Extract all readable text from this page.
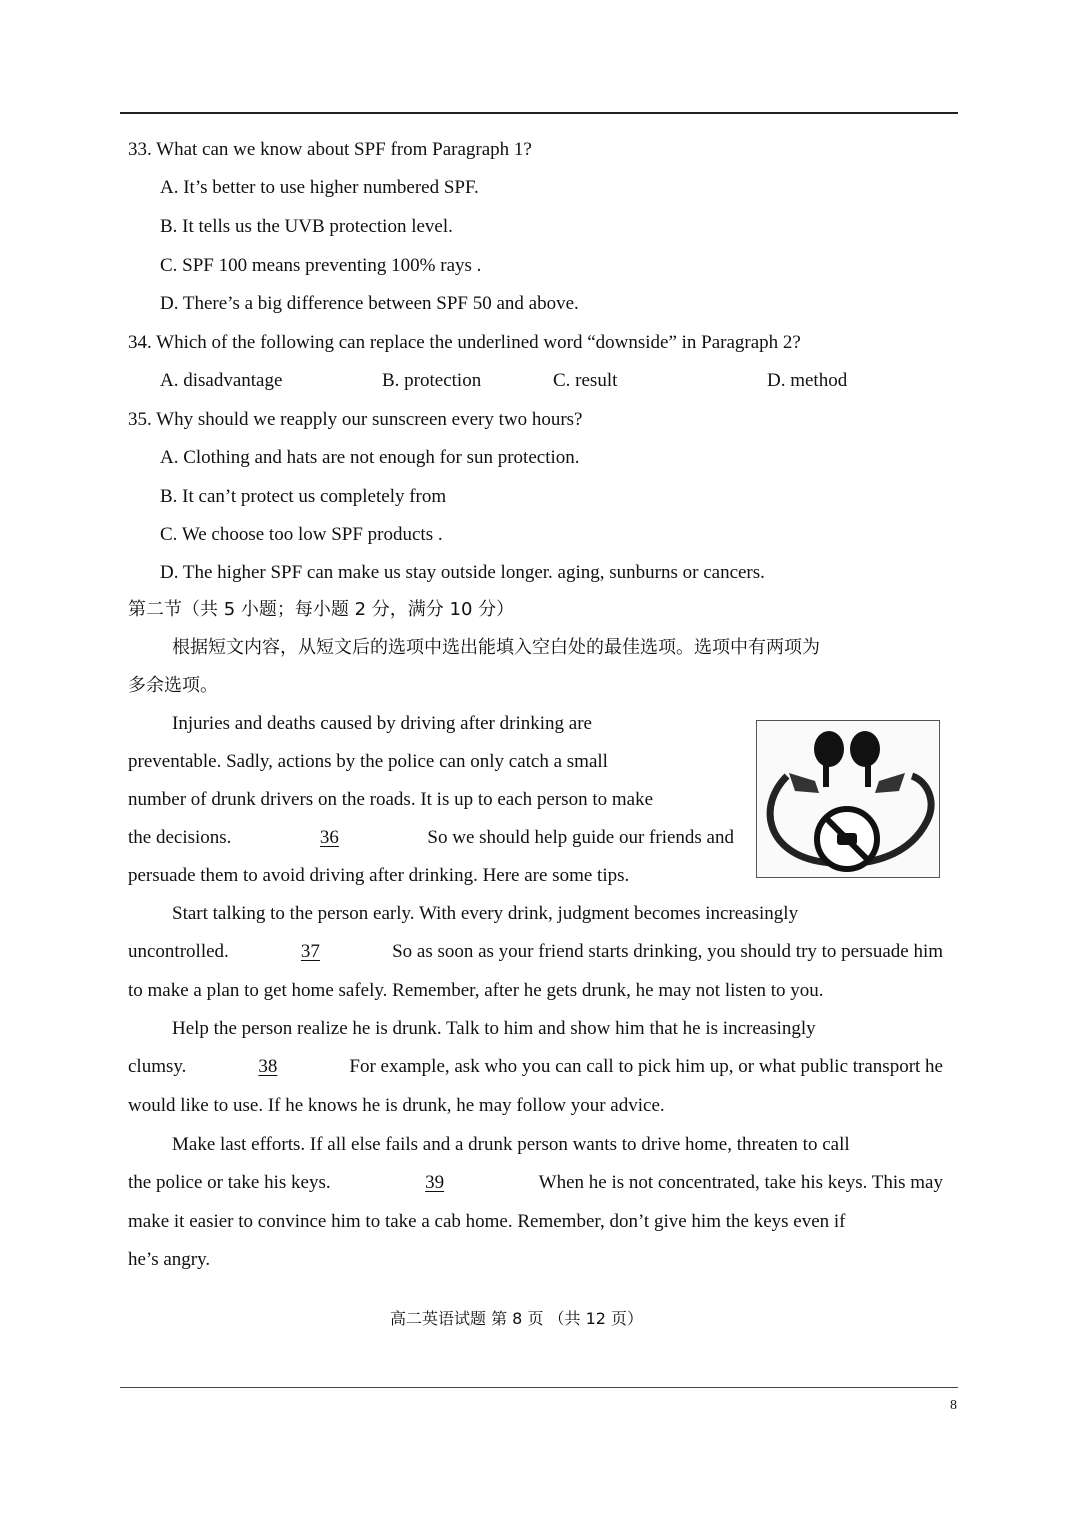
33. What can we know about SPF from Paragraph 1?
A. It’s better to use higher numbered SPF.
B. It tells us the UVB protection level.
C. SPF 100 means preventing 100% rays .
D. There’s a big difference between SPF 50 and above.
34. Which of the following can replace the underlined word “downside” in Paragraph 2?
A. disadvantage	B. protection	C. result	D. method
35. Why should we reapply our sunscreen every two hours?
A. Clothing and hats are not enough for sun protection.
B. It can’t protect us completely from
C. We choose too low SPF products .
D. The higher SPF can make us stay outside longer. aging, sunburns or cancers.
第二节（共 5 小题；每小题 2 分，满分 10 分）
根据短文内容，从短文后的选项中选出能填入空白处的最佳选项。选项中有两项为
多余选项。
Injuries and deaths caused by driving after drinking are
preventable. Sadly, actions by the police can only catch a small
number of drunk drivers on the roads. It is up to each person to make
the decisions.	36	So we should help guide our friends and
persuade them to avoid driving after drinking. Here are some tips.
Start talking to the person early. With every drink, judgment becomes increasingly
uncontrolled.	37	So as soon as your friend starts drinking, you should try to persuade him
to make a plan to get home safely. Remember, after he gets drunk, he may not listen to you.
Help the person realize he is drunk. Talk to him and show him that he is increasingly
clumsy.	38	For example, ask who you can call to pick him up, or what public transport he
would like to use. If he knows he is drunk, he may follow your advice.
Make last efforts. If all else fails and a drunk person wants to drive home, threaten to call
the police or take his keys.	39	When he is not concentrated, take his keys. This may
make it easier to convince him to take a cab home. Remember, don’t give him the keys even if
he’s angry.
高二英语试题 第 8 页 （共 12 页）
8
